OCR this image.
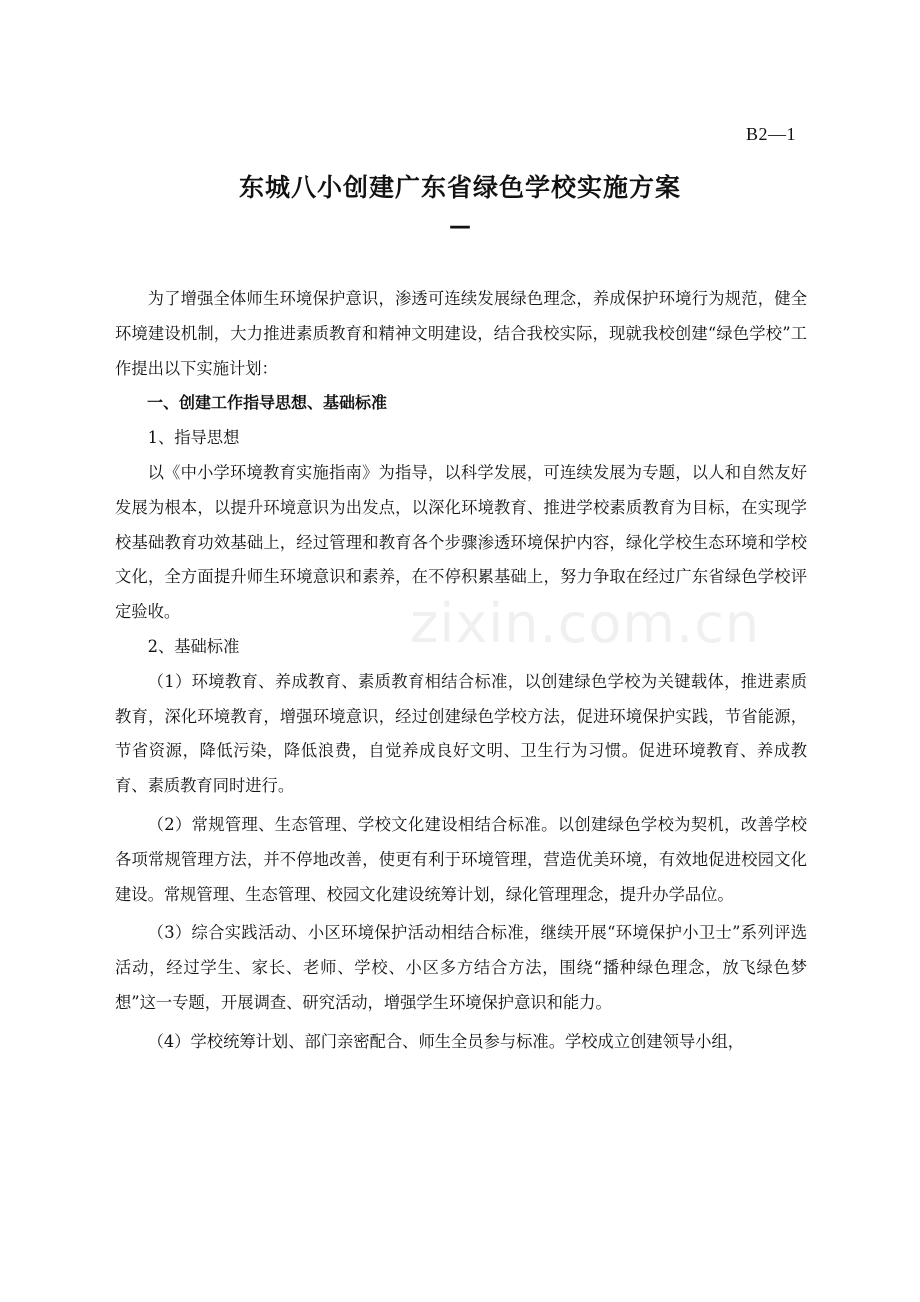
B2—1
东城八小创建广东省绿色学校实施方案
—

为了增强全体师生环境保护意识，渗透可连续发展绿色理念，养成保护环境行为规范，健全环境建设机制，大力推进素质教育和精神文明建设，结合我校实际，现就我校创建“绿色学校”工作提出以下实施计划：

一、创建工作指导思想、基础标准

1、指导思想

以《中小学环境教育实施指南》为指导，以科学发展，可连续发展为专题，以人和自然友好发展为根本，以提升环境意识为出发点，以深化环境教育、推进学校素质教育为目标，在实现学校基础教育功效基础上，经过管理和教育各个步骤渗透环境保护内容，绿化学校生态环境和学校文化，全方面提升师生环境意识和素养，在不停积累基础上，努力争取在经过广东省绿色学校评定验收。

2、基础标准

（1）环境教育、养成教育、素质教育相结合标准，以创建绿色学校为关键载体，推进素质教育，深化环境教育，增强环境意识，经过创建绿色学校方法，促进环境保护实践，节省能源，节省资源，降低污染，降低浪费，自觉养成良好文明、卫生行为习惯。促进环境教育、养成教育、素质教育同时进行。

（2）常规管理、生态管理、学校文化建设相结合标准。以创建绿色学校为契机，改善学校各项常规管理方法，并不停地改善，使更有利于环境管理，营造优美环境，有效地促进校园文化建设。常规管理、生态管理、校园文化建设统筹计划，绿化管理理念，提升办学品位。

（3）综合实践活动、小区环境保护活动相结合标准，继续开展“环境保护小卫士”系列评选活动，经过学生、家长、老师、学校、小区多方结合方法，围绕“播种绿色理念，放飞绿色梦想”这一专题，开展调查、研究活动，增强学生环境保护意识和能力。

（4）学校统筹计划、部门亲密配合、师生全员参与标准。学校成立创建领导小组，

zixin.com.cn
